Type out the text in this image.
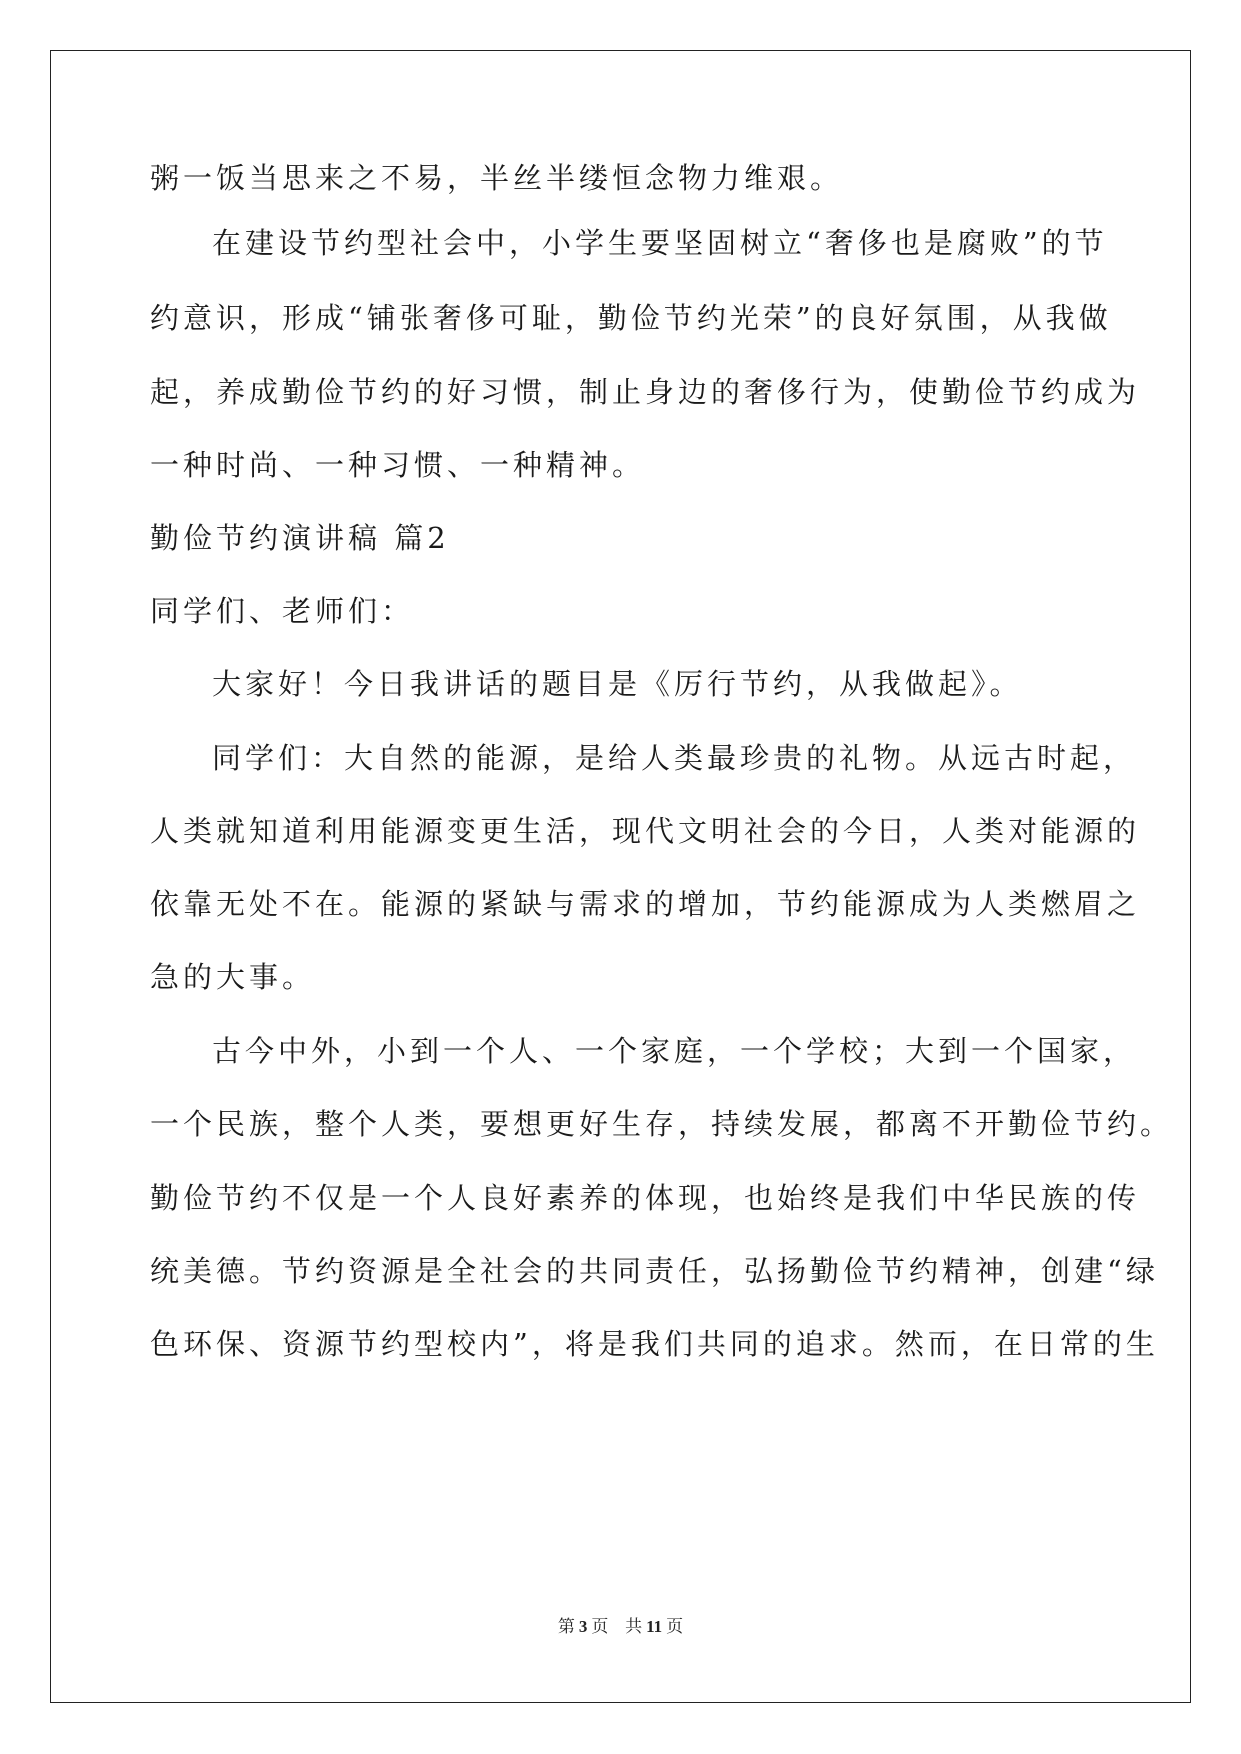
粥一饭当思来之不易，半丝半缕恒念物力维艰。
在建设节约型社会中，小学生要坚固树立“奢侈也是腐败”的节
约意识，形成“铺张奢侈可耻，勤俭节约光荣”的良好氛围，从我做
起，养成勤俭节约的好习惯，制止身边的奢侈行为，使勤俭节约成为
一种时尚、一种习惯、一种精神。
勤俭节约演讲稿 篇2
同学们、老师们：
大家好！今日我讲话的题目是《厉行节约，从我做起》。
同学们：大自然的能源，是给人类最珍贵的礼物。从远古时起，
人类就知道利用能源变更生活，现代文明社会的今日，人类对能源的
依靠无处不在。能源的紧缺与需求的增加，节约能源成为人类燃眉之
急的大事。
古今中外，小到一个人、一个家庭，一个学校；大到一个国家，
一个民族，整个人类，要想更好生存，持续发展，都离不开勤俭节约。
勤俭节约不仅是一个人良好素养的体现，也始终是我们中华民族的传
统美德。节约资源是全社会的共同责任，弘扬勤俭节约精神，创建“绿
色环保、资源节约型校内”，将是我们共同的追求。然而，在日常的生
第 3 页 共 11 页
